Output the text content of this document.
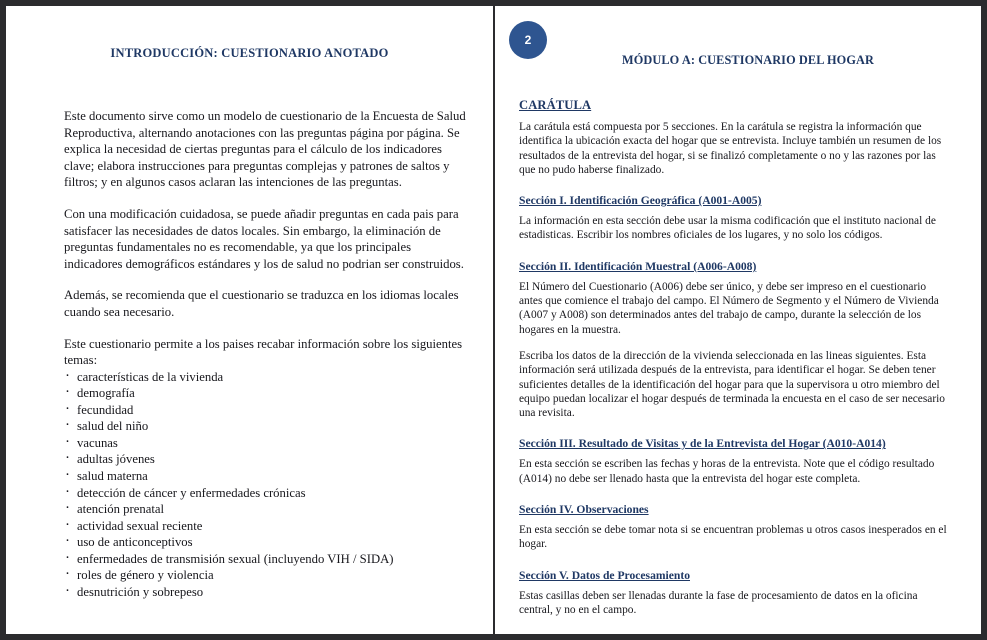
INTRODUCCIÓN: CUESTIONARIO ANOTADO

Este documento sirve como un modelo de cuestionario de la Encuesta de Salud Reproductiva, alternando anotaciones con las preguntas página por página. Se explica la necesidad de ciertas preguntas para el cálculo de los indicadores clave; elabora instrucciones para preguntas complejas y patrones de saltos y filtros; y en algunos casos aclaran las intenciones de las preguntas.

Con una modificación cuidadosa, se puede añadir preguntas en cada pais para satisfacer las necesidades de datos locales. Sin embargo, la eliminación de preguntas fundamentales no es recomendable, ya que los principales indicadores demográficos estándares y los de salud no podrian ser construidos.

Además, se recomienda que el cuestionario se traduzca en los idiomas locales cuando sea necesario.

Este cuestionario permite a los paises recabar información sobre los siguientes temas:

· características de la vivienda
· demografía
· fecundidad
· salud del niño
· vacunas
· adultas jóvenes
· salud materna
· detección de cáncer y enfermedades crónicas
· atención prenatal
· actividad sexual reciente
· uso de anticonceptivos
· enfermedades de transmisión sexual (incluyendo VIH / SIDA)
· roles de género y violencia
· desnutrición y sobrepeso
2
MÓDULO A: CUESTIONARIO DEL HOGAR
CARÁTULA

La carátula está compuesta por 5 secciones. En la carátula se registra la información que identifica la ubicación exacta del hogar que se entrevista. Incluye también un resumen de los resultados de la entrevista del hogar, si se finalizó completamente o no y las razones por las que no pudo haberse finalizado.

Sección I. Identificación Geográfica (A001-A005)

La información en esta sección debe usar la misma codificación que el instituto nacional de estadisticas. Escribir los nombres oficiales de los lugares, y no solo los códigos.

Sección II. Identificación Muestral (A006-A008)

El Número del Cuestionario (A006) debe ser único, y debe ser impreso en el cuestionario antes que comience el trabajo del campo. El Número de Segmento y el Número de Vivienda (A007 y A008) son determinados antes del trabajo de campo, durante la selección de los hogares en la muestra.

Escriba los datos de la dirección de la vivienda seleccionada en las lineas siguientes. Esta información será utilizada después de la entrevista, para identificar el hogar. Se deben tener suficientes detalles de la identificación del hogar para que la supervisora u otro miembro del equipo puedan localizar el hogar después de terminada la encuesta en el caso de ser necesario una revisita.

Sección III. Resultado de Visitas y de la Entrevista del Hogar (A010-A014)

En esta sección se escriben las fechas y horas de la entrevista. Note que el código resultado (A014) no debe ser llenado hasta que la entrevista del hogar este completa.

Sección IV. Observaciones

En esta sección se debe tomar nota si se encuentran problemas u otros casos inesperados en el hogar.

Sección V. Datos de Procesamiento

Estas casillas deben ser llenadas durante la fase de procesamiento de datos en la oficina central, y no en el campo.
